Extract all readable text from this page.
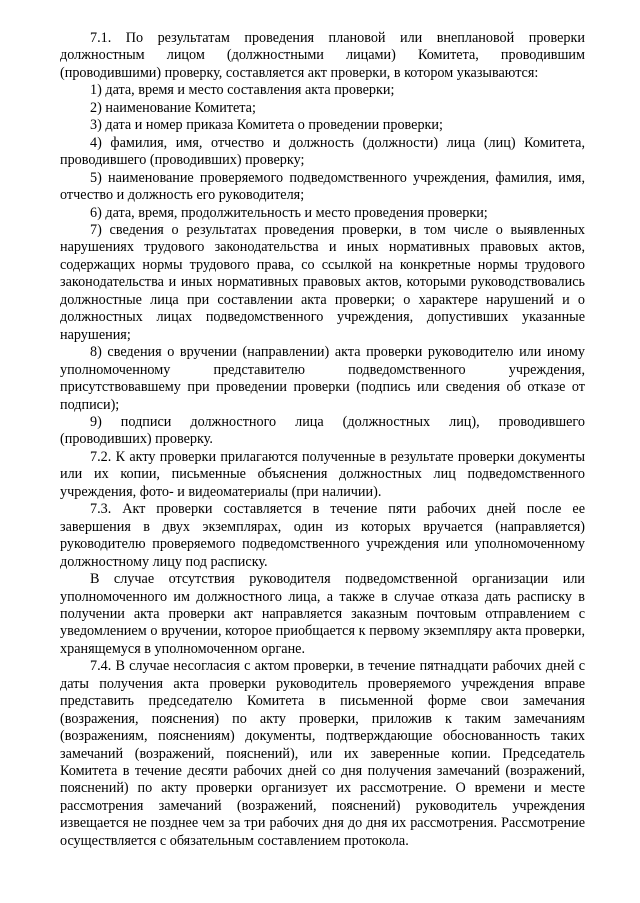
7.1. По результатам проведения плановой или внеплановой проверки должностным лицом (должностными лицами) Комитета, проводившим (проводившими) проверку, составляется акт проверки, в котором указываются:

1) дата, время и место составления акта проверки;

2) наименование Комитета;

3) дата и номер приказа Комитета о проведении проверки;

4) фамилия, имя, отчество и должность (должности) лица (лиц) Комитета, проводившего (проводивших) проверку;

5) наименование проверяемого подведомственного учреждения, фамилия, имя, отчество и должность его руководителя;

6) дата, время, продолжительность и место проведения проверки;

7) сведения о результатах проведения проверки, в том числе о выявленных нарушениях трудового законодательства и иных нормативных правовых актов, содержащих нормы трудового права, со ссылкой на конкретные нормы трудового законодательства и иных нормативных правовых актов, которыми руководствовались должностные лица при составлении акта проверки; о характере нарушений и о должностных лицах подведомственного учреждения, допустивших указанные нарушения;

8) сведения о вручении (направлении) акта проверки руководителю или иному уполномоченному представителю подведомственного учреждения, присутствовавшему при проведении проверки (подпись или сведения об отказе от подписи);

9) подписи должностного лица (должностных лиц), проводившего (проводивших) проверку.

7.2. К акту проверки прилагаются полученные в результате проверки документы или их копии, письменные объяснения должностных лиц подведомственного учреждения, фото- и видеоматериалы (при наличии).

7.3. Акт проверки составляется в течение пяти рабочих дней после ее завершения в двух экземплярах, один из которых вручается (направляется) руководителю проверяемого подведомственного учреждения или уполномоченному должностному лицу под расписку.

В случае отсутствия руководителя подведомственной организации или уполномоченного им должностного лица, а также в случае отказа дать расписку в получении акта проверки акт направляется заказным почтовым отправлением с уведомлением о вручении, которое приобщается к первому экземпляру акта проверки, хранящемуся в уполномоченном органе.

7.4. В случае несогласия с актом проверки, в течение пятнадцати рабочих дней с даты получения акта проверки руководитель проверяемого учреждения вправе представить председателю Комитета в письменной форме свои замечания (возражения, пояснения) по акту проверки, приложив к таким замечаниям (возражениям, пояснениям) документы, подтверждающие обоснованность таких замечаний (возражений, пояснений), или их заверенные копии. Председатель Комитета в течение десяти рабочих дней со дня получения замечаний (возражений, пояснений) по акту проверки организует их рассмотрение. О времени и месте рассмотрения замечаний (возражений, пояснений) руководитель учреждения извещается не позднее чем за три рабочих дня до дня их рассмотрения. Рассмотрение осуществляется с обязательным составлением протокола.
